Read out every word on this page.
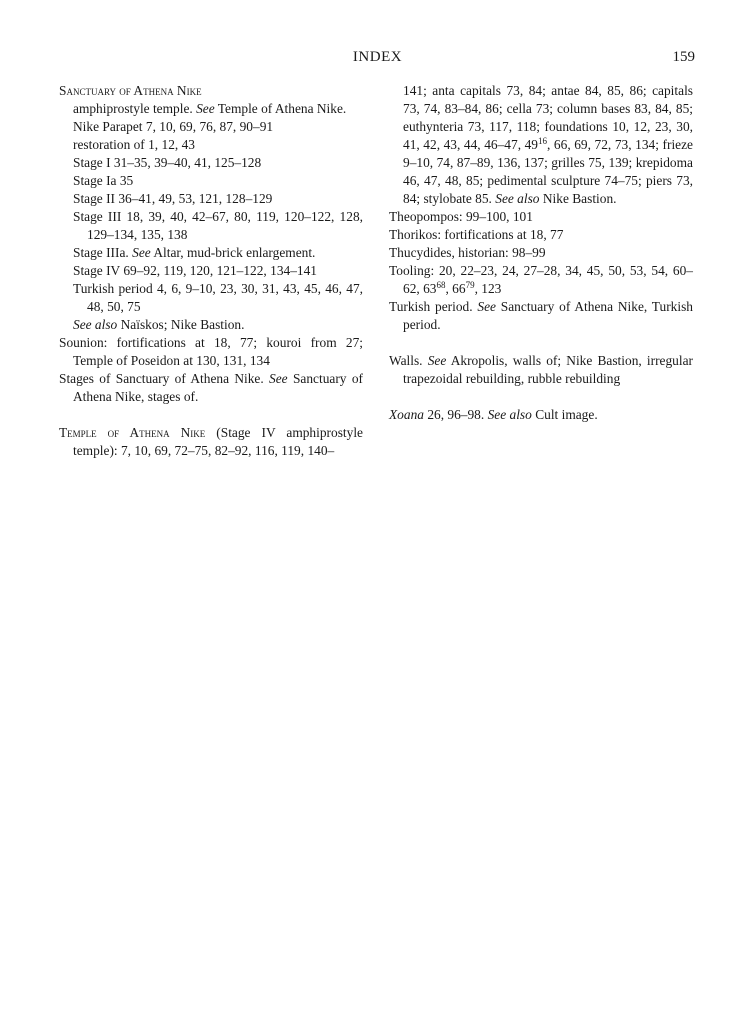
INDEX	159

Sanctuary of Athena Nike

amphiprostyle temple. See Temple of Athena Nike.

Nike Parapet 7, 10, 69, 76, 87, 90–91

restoration of 1, 12, 43

Stage I 31–35, 39–40, 41, 125–128

Stage Ia 35

Stage II 36–41, 49, 53, 121, 128–129

Stage III 18, 39, 40, 42–67, 80, 119, 120–122, 128, 129–134, 135, 138

Stage IIIa. See Altar, mud-brick enlargement.

Stage IV 69–92, 119, 120, 121–122, 134–141

Turkish period 4, 6, 9–10, 23, 30, 31, 43, 45, 46, 47, 48, 50, 75

See also Naïskos; Nike Bastion.

Sounion: fortifications at 18, 77; kouroi from 27; Temple of Poseidon at 130, 131, 134

Stages of Sanctuary of Athena Nike. See Sanctuary of Athena Nike, stages of.

Temple of Athena Nike (Stage IV amphiprostyle temple): 7, 10, 69, 72–75, 82–92, 116, 119, 140–

141; anta capitals 73, 84; antae 84, 85, 86; capitals 73, 74, 83–84, 86; cella 73; column bases 83, 84, 85; euthynteria 73, 117, 118; foundations 10, 12, 23, 30, 41, 42, 43, 44, 46–47, $49^{16}$, 66, 69, 72, 73, 134; frieze 9–10, 74, 87–89, 136, 137; grilles 75, 139; krepidoma 46, 47, 48, 85; pedimental sculpture 74–75; piers 73, 84; stylobate 85. See also Nike Bastion.

Theopompos: 99–100, 101

Thorikos: fortifications at 18, 77

Thucydides, historian: 98–99

Tooling: 20, 22–23, 24, 27–28, 34, 45, 50, 53, 54, 60–62, $63^{68}$, $66^{79}$, 123

Turkish period. See Sanctuary of Athena Nike, Turkish period.

Walls. See Akropolis, walls of; Nike Bastion, irregular trapezoidal rebuilding, rubble rebuilding

Xoana 26, 96–98. See also Cult image.
